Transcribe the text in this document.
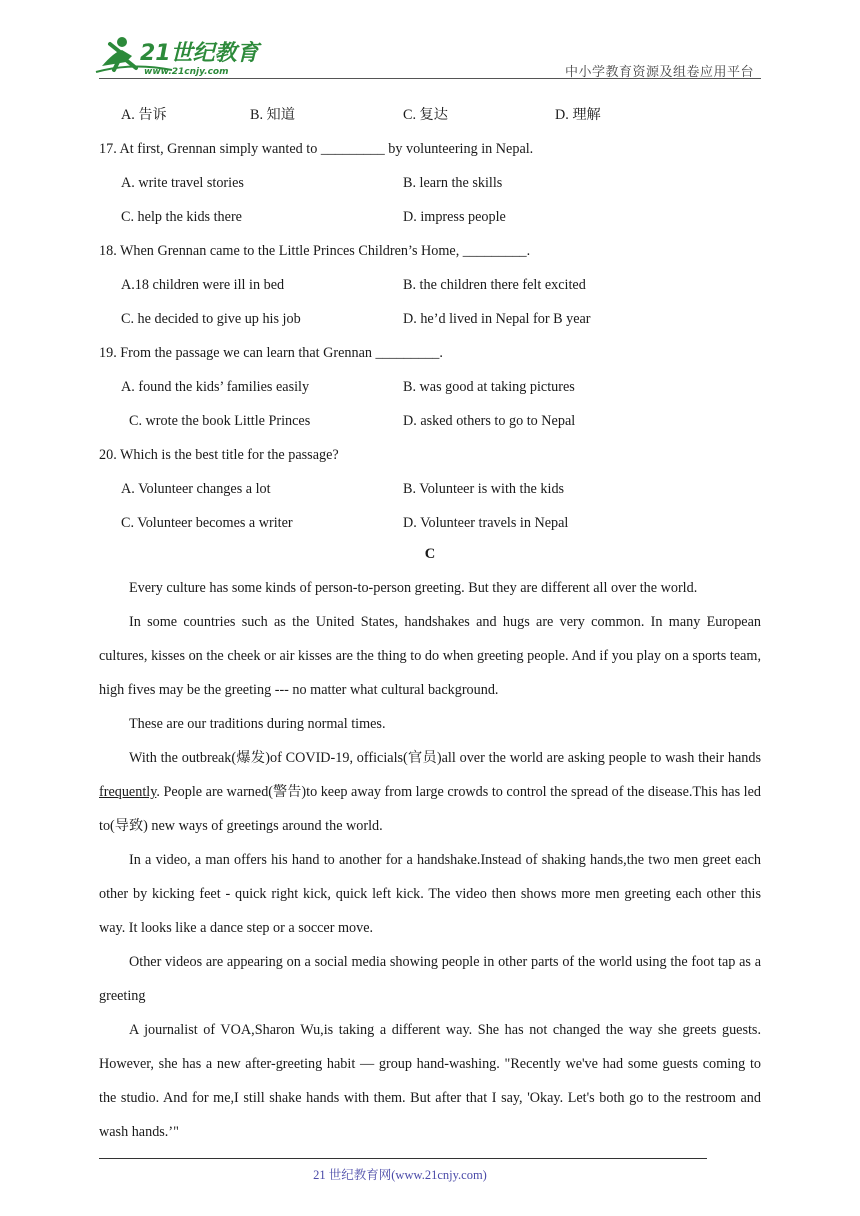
21世纪教育
www.21cnjy.com	中小学教育资源及组卷应用平台
A. 告诉	B. 知道	C. 复达	D. 理解
17. At first, Grennan simply wanted to _________ by volunteering in Nepal.
A. write travel stories	B. learn the skills
C. help the kids there	D. impress people
18. When Grennan came to the Little Princes Children’s Home, _________.
A.18 children were ill in bed	B. the children there felt excited
C. he decided to give up his job	D. he’d lived in Nepal for B year
19. From the passage we can learn that Grennan _________.
A. found the kids’ families easily	B. was good at taking pictures
C. wrote the book Little Princes	D. asked others to go to Nepal
20. Which is the best title for the passage?
A. Volunteer changes a lot	B. Volunteer is with the kids
C. Volunteer becomes a writer	D. Volunteer travels in Nepal
C
Every culture has some kinds of person-to-person greeting. But they are different all over the world.
In some countries such as the United States, handshakes and hugs are very common. In many European cultures, kisses on the cheek or air kisses are the thing to do when greeting people. And if you play on a sports team, high fives may be the greeting --- no matter what cultural background.
These are our traditions during normal times.
With the outbreak(爆发)of COVID-19, officials(官员)all over the world are asking people to wash their hands frequently. People are warned(警告)to keep away from large crowds to control the spread of the disease.This has led to(导致) new ways of greetings around the world.
In a video, a man offers his hand to another for a handshake.Instead of shaking hands,the two men greet each other by kicking feet - quick right kick, quick left kick. The video then shows more men greeting each other this way. It looks like a dance step or a soccer move.
Other videos are appearing on a social media showing people in other parts of the world using the foot tap as a greeting
A journalist of VOA,Sharon Wu,is taking a different way. She has not changed the way she greets guests. However, she has a new after-greeting habit — group hand-washing. "Recently we've had some guests coming to the studio. And for me,I still shake hands with them. But after that I say, 'Okay. Let's both go to the restroom and wash hands.’"
21 世纪教育网(www.21cnjy.com)
